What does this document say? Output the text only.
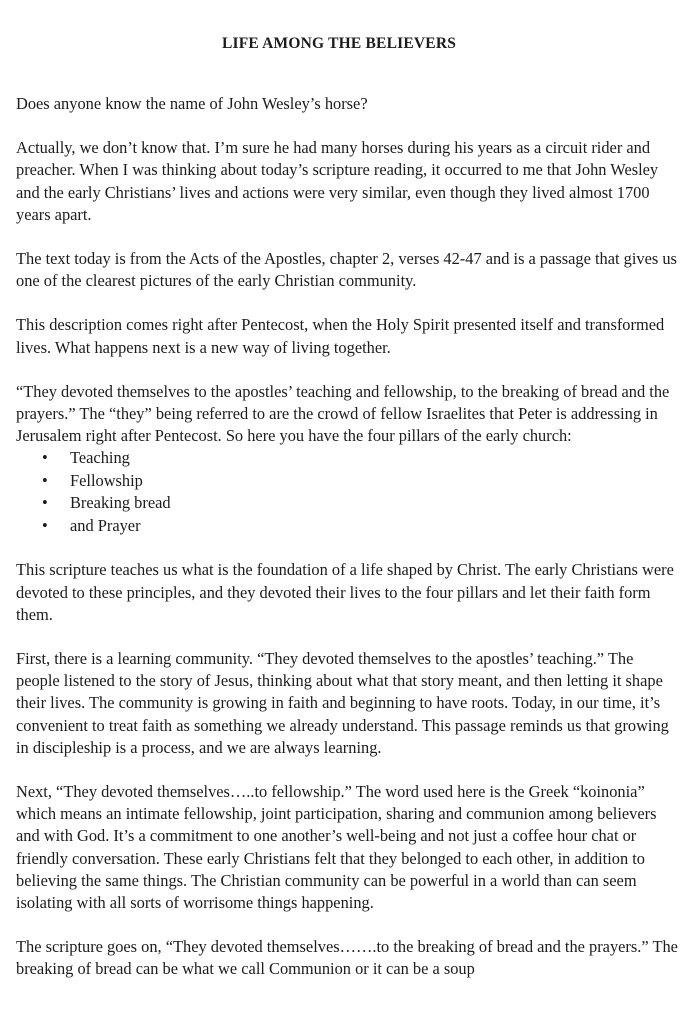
LIFE AMONG THE BELIEVERS

Does anyone know the name of John Wesley’s horse?

Actually, we don’t know that. I’m sure he had many horses during his years as a circuit rider and preacher. When I was thinking about today’s scripture reading, it occurred to me that John Wesley and the early Christians’ lives and actions were very similar, even though they lived almost 1700 years apart.

The text today is from the Acts of the Apostles, chapter 2, verses 42-47 and is a passage that gives us one of the clearest pictures of the early Christian community.

This description comes right after Pentecost, when the Holy Spirit presented itself and transformed lives. What happens next is a new way of living together.

“They devoted themselves to the apostles’ teaching and fellowship, to the breaking of bread and the prayers.” The “they” being referred to are the crowd of fellow Israelites that Peter is addressing in Jerusalem right after Pentecost. So here you have the four pillars of the early church:

• Teaching
• Fellowship
• Breaking bread
• and Prayer

This scripture teaches us what is the foundation of a life shaped by Christ. The early Christians were devoted to these principles, and they devoted their lives to the four pillars and let their faith form them.

First, there is a learning community. “They devoted themselves to the apostles’ teaching.” The people listened to the story of Jesus, thinking about what that story meant, and then letting it shape their lives. The community is growing in faith and beginning to have roots. Today, in our time, it’s convenient to treat faith as something we already understand. This passage reminds us that growing in discipleship is a process, and we are always learning.

Next, “They devoted themselves…..to fellowship.” The word used here is the Greek “koinonia” which means an intimate fellowship, joint participation, sharing and communion among believers and with God. It’s a commitment to one another’s well-being and not just a coffee hour chat or friendly conversation. These early Christians felt that they belonged to each other, in addition to believing the same things. The Christian community can be powerful in a world than can seem isolating with all sorts of worrisome things happening.

The scripture goes on, “They devoted themselves…….to the breaking of bread and the prayers.” The breaking of bread can be what we call Communion or it can be a soup
